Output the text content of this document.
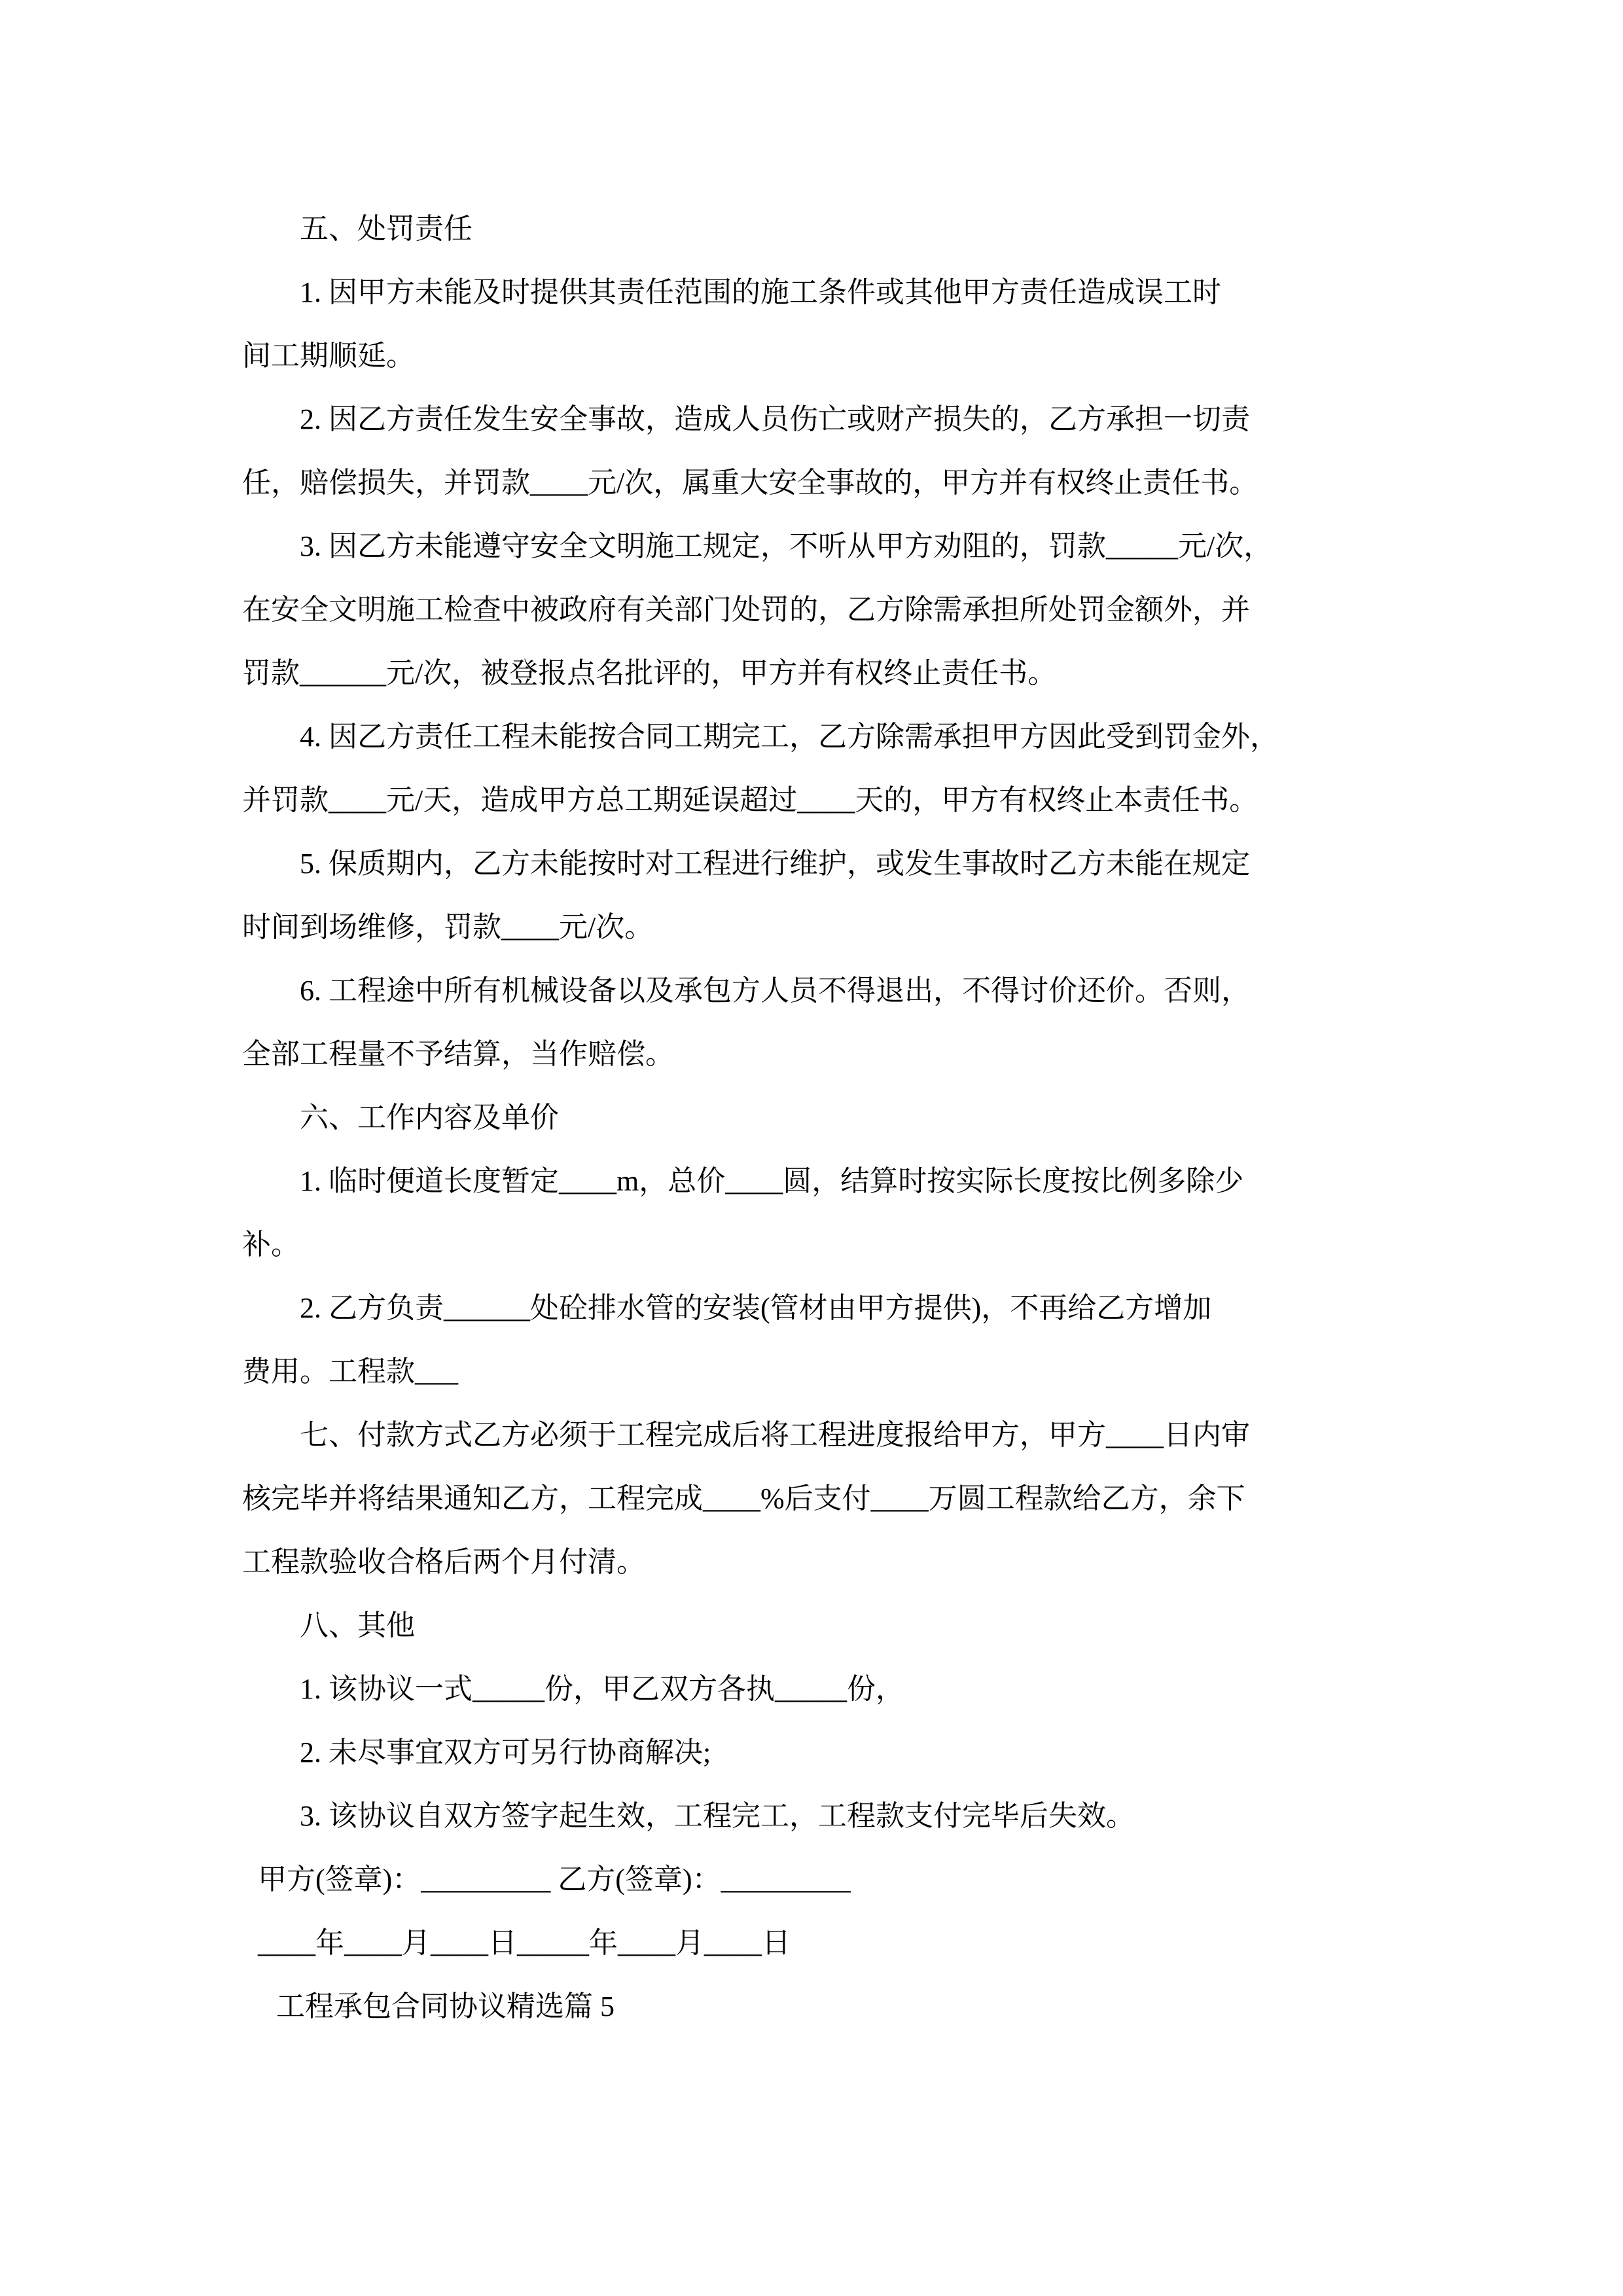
五、处罚责任
1. 因甲方未能及时提供其责任范围的施工条件或其他甲方责任造成误工时
间工期顺延。
2. 因乙方责任发生安全事故，造成人员伤亡或财产损失的，乙方承担一切责
任，赔偿损失，并罚款____元/次，属重大安全事故的，甲方并有权终止责任书。
3. 因乙方未能遵守安全文明施工规定，不听从甲方劝阻的，罚款_____元/次，
在安全文明施工检查中被政府有关部门处罚的，乙方除需承担所处罚金额外，并
罚款______元/次，被登报点名批评的，甲方并有权终止责任书。
4. 因乙方责任工程未能按合同工期完工，乙方除需承担甲方因此受到罚金外，
并罚款____元/天，造成甲方总工期延误超过____天的，甲方有权终止本责任书。
5. 保质期内，乙方未能按时对工程进行维护，或发生事故时乙方未能在规定
时间到场维修，罚款____元/次。
6. 工程途中所有机械设备以及承包方人员不得退出，不得讨价还价。否则，
全部工程量不予结算，当作赔偿。
六、工作内容及单价
1. 临时便道长度暂定____m，总价____圆，结算时按实际长度按比例多除少
补。
2. 乙方负责______处砼排水管的安装(管材由甲方提供)，不再给乙方增加
费用。工程款___
七、付款方式乙方必须于工程完成后将工程进度报给甲方，甲方____日内审
核完毕并将结果通知乙方，工程完成____%后支付____万圆工程款给乙方，余下
工程款验收合格后两个月付清。
八、其他
1. 该协议一式_____份，甲乙双方各执_____份，
2. 未尽事宜双方可另行协商解决;
3. 该协议自双方签字起生效，工程完工，工程款支付完毕后失效。
甲方(签章)：_________ 乙方(签章)：_________
____年____月____日_____年____月____日
工程承包合同协议精选篇 5
